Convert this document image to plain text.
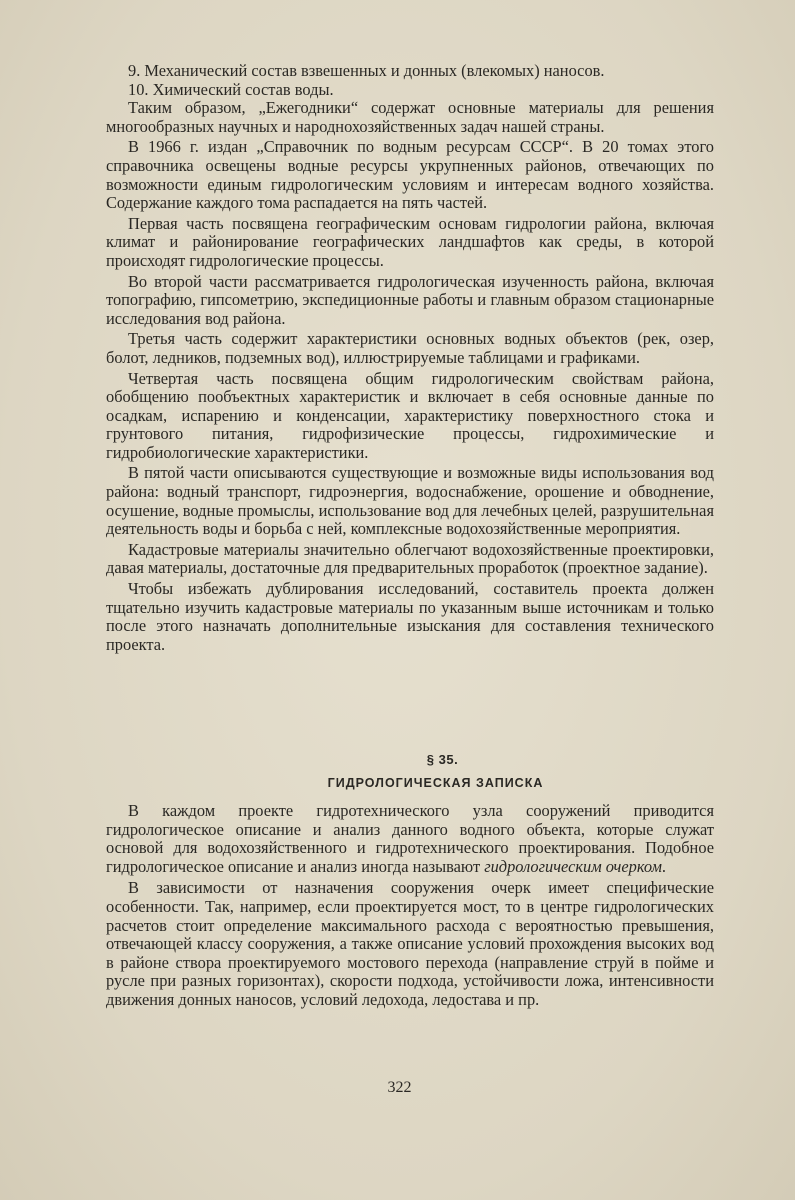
9. Механический состав взвешенных и донных (влекомых) наносов.

10. Химический состав воды.

Таким образом, „Ежегодники“ содержат основные материалы для решения многообразных научных и народнохозяйственных задач нашей страны.

В 1966 г. издан „Справочник по водным ресурсам СССР“. В 20 томах этого справочника освещены водные ресурсы укрупненных районов, отвечающих по возможности единым гидрологическим условиям и интересам водного хозяйства. Содержание каждого тома распадается на пять частей.

Первая часть посвящена географическим основам гидрологии района, включая климат и районирование географических ландшафтов как среды, в которой происходят гидрологические процессы.

Во второй части рассматривается гидрологическая изученность района, включая топографию, гипсометрию, экспедиционные работы и главным образом стационарные исследования вод района.

Третья часть содержит характеристики основных водных объектов (рек, озер, болот, ледников, подземных вод), иллюстрируемые таблицами и графиками.

Четвертая часть посвящена общим гидрологическим свойствам района, обобщению пообъектных характеристик и включает в себя основные данные по осадкам, испарению и конденсации, характеристику поверхностного стока и грунтового питания, гидрофизические процессы, гидрохимические и гидробиологические характеристики.

В пятой части описываются существующие и возможные виды использования вод района: водный транспорт, гидроэнергия, водоснабжение, орошение и обводнение, осушение, водные промыслы, использование вод для лечебных целей, разрушительная деятельность воды и борьба с ней, комплексные водохозяйственные мероприятия.

Кадастровые материалы значительно облегчают водохозяйственные проектировки, давая материалы, достаточные для предварительных проработок (проектное задание).

Чтобы избежать дублирования исследований, составитель проекта должен тщательно изучить кадастровые материалы по указанным выше источникам и только после этого назначать дополнительные изыскания для составления технического проекта.

§ 35.
ГИДРОЛОГИЧЕСКАЯ ЗАПИСКА

В каждом проекте гидротехнического узла сооружений приводится гидрологическое описание и анализ данного водного объекта, которые служат основой для водохозяйственного и гидротехнического проектирования. Подобное гидрологическое описание и анализ иногда называют гидрологическим очерком.

В зависимости от назначения сооружения очерк имеет специфические особенности. Так, например, если проектируется мост, то в центре гидрологических расчетов стоит определение максимального расхода с вероятностью превышения, отвечающей классу сооружения, а также описание условий прохождения высоких вод в районе створа проектируемого мостового перехода (направление струй в пойме и русле при разных горизонтах), скорости подхода, устойчивости ложа, интенсивности движения донных наносов, условий ледохода, ледостава и пр.

322
